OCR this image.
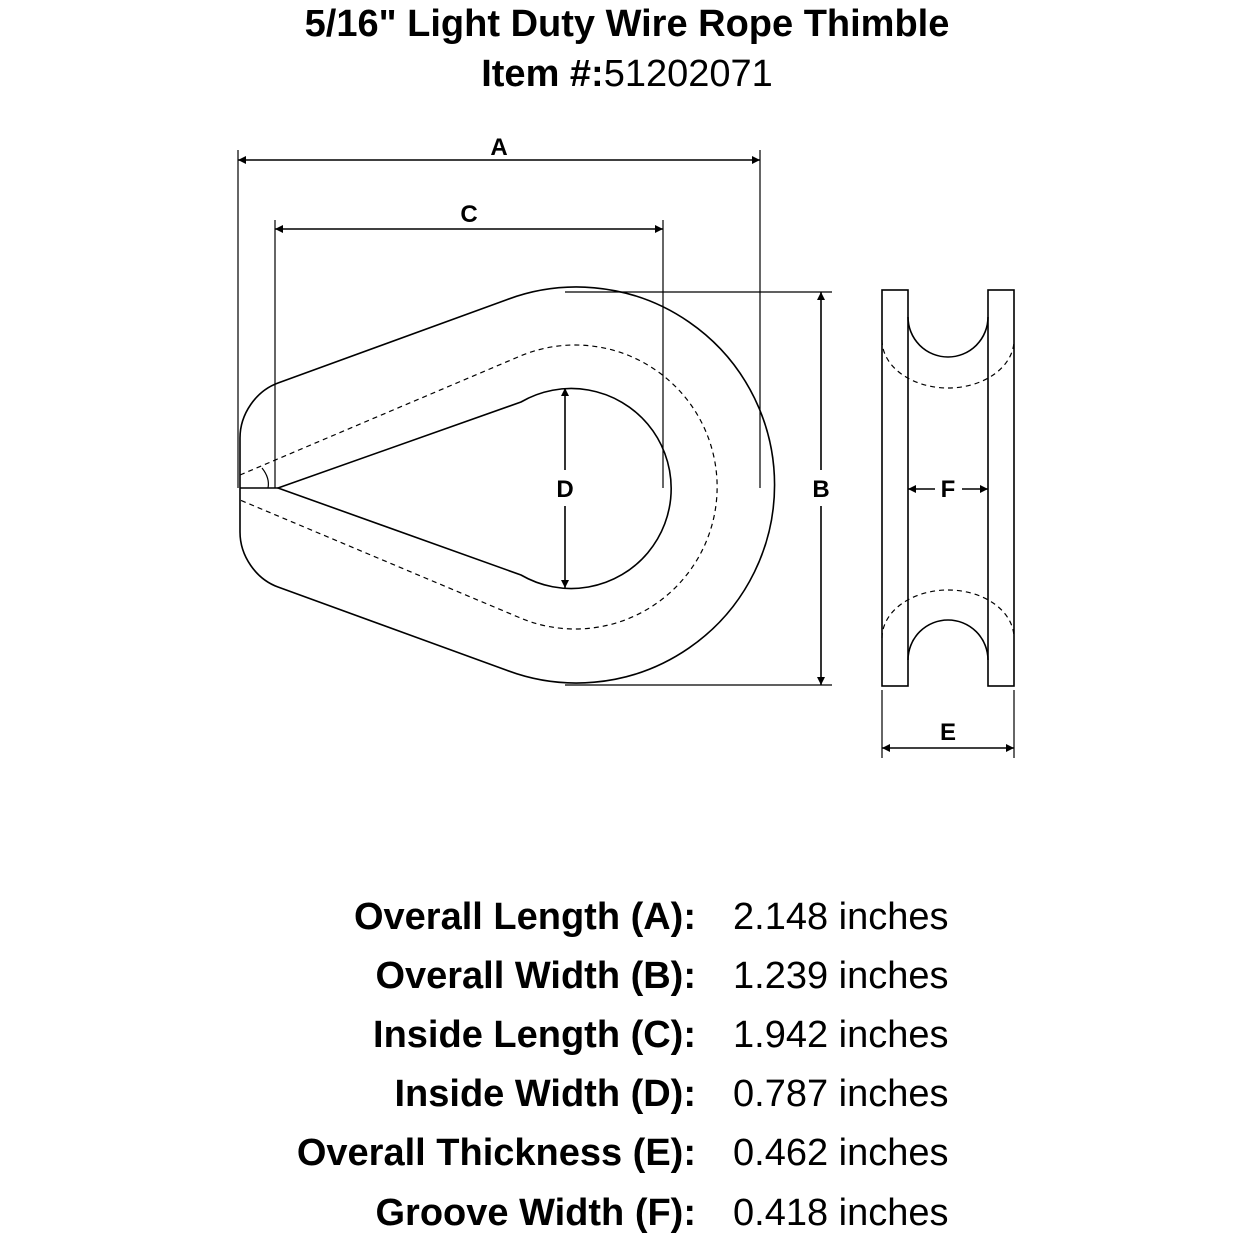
5/16" Light Duty Wire Rope Thimble
Item #:51202071
A
C
B
D	F
E
Overall Length (A): 2.148 inches
Overall Width (B): 1.239 inches
Inside Length (C): 1.942 inches
Inside Width (D): 0.787 inches
Overall Thickness (E): 0.462 inches
Groove Width (F): 0.418 inches
